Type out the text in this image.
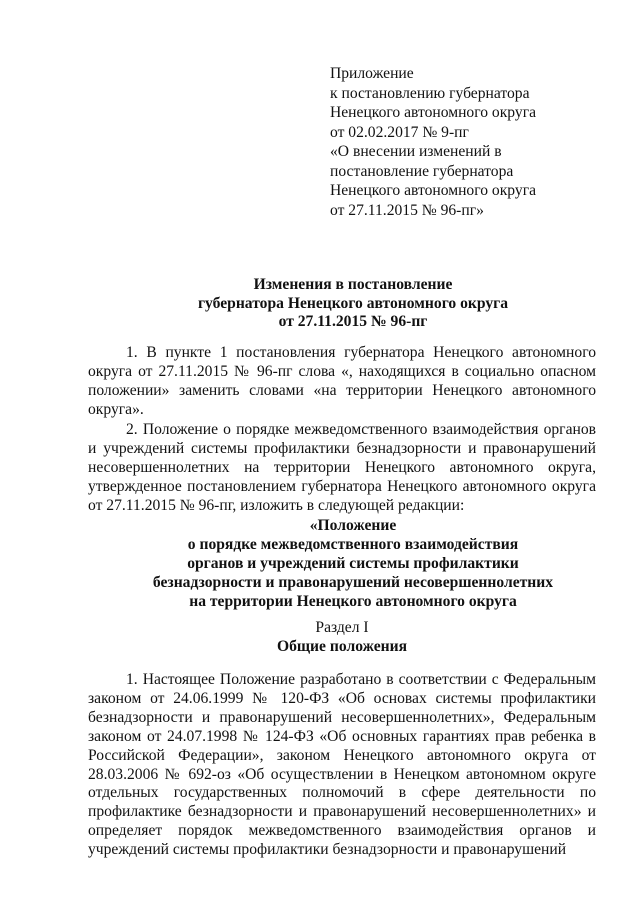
Приложение
к постановлению губернатора
Ненецкого автономного округа
от 02.02.2017 № 9-пг
«О внесении изменений в
постановление губернатора
Ненецкого автономного округа
от 27.11.2015 № 96-пг»
Изменения в постановление
губернатора Ненецкого автономного округа
от 27.11.2015 № 96-пг

1. В пункте 1 постановления губернатора Ненецкого автономного округа от 27.11.2015 № 96-пг слова «, находящихся в социально опасном положении» заменить словами «на территории Ненецкого автономного округа».

2. Положение о порядке межведомственного взаимодействия органов и учреждений системы профилактики безнадзорности и правонарушений несовершеннолетних на территории Ненецкого автономного округа, утвержденное постановлением губернатора Ненецкого автономного округа от 27.11.2015 № 96-пг, изложить в следующей редакции:

«Положение
о порядке межведомственного взаимодействия
органов и учреждений системы профилактики
безнадзорности и правонарушений несовершеннолетних
на территории Ненецкого автономного округа
Раздел I
Общие положения

1. Настоящее Положение разработано в соответствии с Федеральным законом от 24.06.1999 № 120-ФЗ «Об основах системы профилактики безнадзорности и правонарушений несовершеннолетних», Федеральным законом от 24.07.1998 № 124-ФЗ «Об основных гарантиях прав ребенка в Российской Федерации», законом Ненецкого автономного округа от 28.03.2006 № 692-оз «Об осуществлении в Ненецком автономном округе отдельных государственных полномочий в сфере деятельности по профилактике безнадзорности и правонарушений несовершеннолетних» и определяет порядок межведомственного взаимодействия органов и учреждений системы профилактики безнадзорности и правонарушений
